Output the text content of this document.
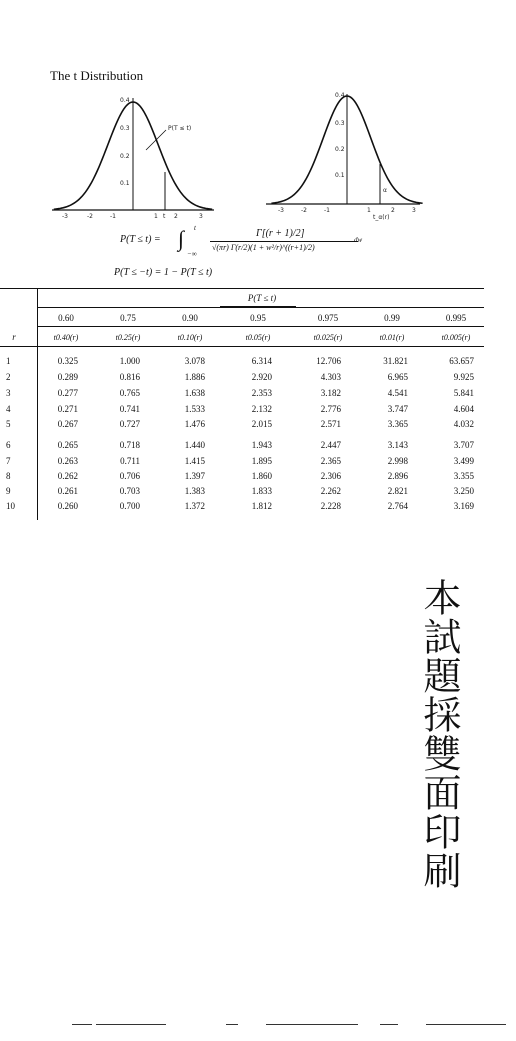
The t Distribution
P(T ≤ t)
0.4
0.3
0.2
0.1
-3	-2	-1	1 t 2	3
α
0.4
0.3
0.2
0.1
-3	-2	-1	1
t_α(r)
2	3
P(T ≤ t) = ∫ t
−∞
Γ[(r + 1)/2]
√(πr) Γ(r/2)(1 + w²/r)^((r+1)/2)
dw
P(T ≤ −t) = 1 − P(T ≤ t)
P(T ≤ t)
0.60	0.75	0.90	0.95	0.975	0.99	0.995
r	t0.40(r)	t0.25(r)	t0.10(r)	t0.05(r)	t0.025(r)	t0.01(r)	t0.005(r)
1	0.325	1.000	3.078	6.314	12.706	31.821	63.657
2	0.289	0.816	1.886	2.920	4.303	6.965	9.925
3	0.277	0.765	1.638	2.353	3.182	4.541	5.841
4	0.271	0.741	1.533	2.132	2.776	3.747	4.604
5	0.267	0.727	1.476	2.015	2.571	3.365	4.032
6	0.265	0.718	1.440	1.943	2.447	3.143	3.707
7	0.263	0.711	1.415	1.895	2.365	2.998	3.499
8	0.262	0.706	1.397	1.860	2.306	2.896	3.355
9	0.261	0.703	1.383	1.833	2.262	2.821	3.250
10	0.260	0.700	1.372	1.812	2.228	2.764	3.169
本試題採雙面印刷
